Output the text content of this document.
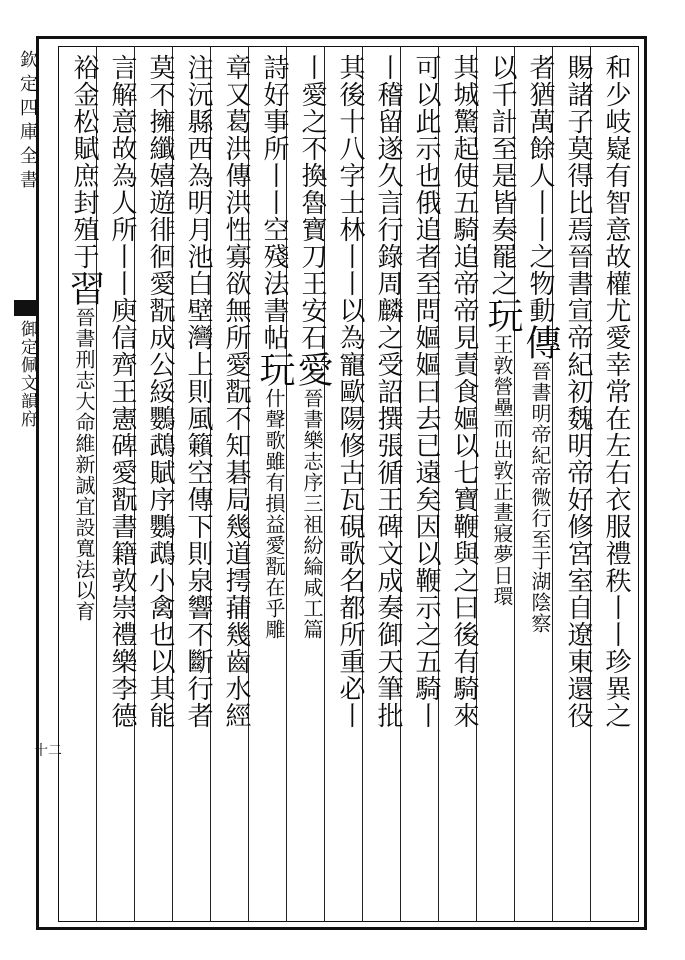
欽定四庫全書
御定佩文韻府
十二
和少岐嶷有智意故權尤愛幸常在左右衣服禮秩丨丨珍異之
賜諸子莫得比焉晉書宣帝紀初魏明帝好修宮室自遼東還役
者猶萬餘人丨丨之物動傳晉書明帝紀帝微行至于湖陰察
以千計至是皆奏罷之玩王敦營壘而出敦正晝寢夢日環
其城驚起使五騎追帝帝見責食嫗以七寶鞭與之曰後有騎來
可以此示也俄追者至問嫗嫗曰去已遠矣因以鞭示之五騎丨
丨稽留遂久言行錄周麟之受詔撰張循王碑文成奏御天筆批
其後十八字士林丨丨以為寵歐陽修古瓦硯歌名都所重必丨
丨愛之不換魯寶刀王安石愛晉書樂志序三祖紛綸咸工篇
詩好事所丨丨空殘法書帖玩什聲歌雖有損益愛翫在乎雕
章又葛洪傳洪性寡欲無所愛翫不知碁局幾道摴蒱幾齒水經
注沅縣西為明月池白壁灣上則風籟空傳下則泉響不斷行者
莫不擁纖嬉遊徘徊愛翫成公綏鸚鵡賦序鸚鵡小禽也以其能
言解意故為人所丨丨庾信齊王憲碑愛翫書籍敦崇禮樂李德
裕金松賦庶封殖于習晉書刑志大命維新誠宜設寬法以育
